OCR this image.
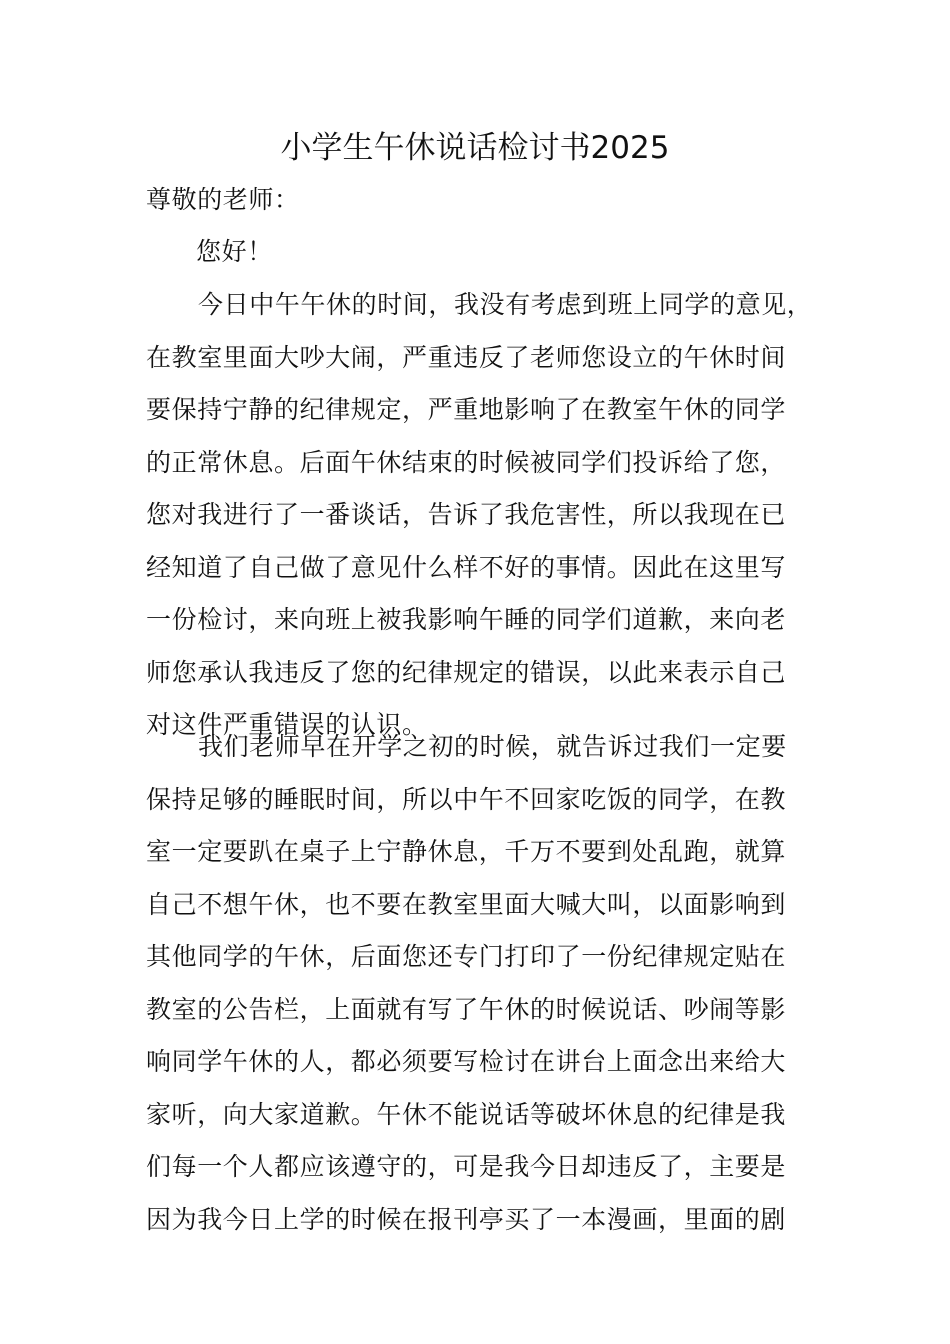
小学生午休说话检讨书2025
尊敬的老师：
您好！
今日中午午休的时间，我没有考虑到班上同学的意见，
在教室里面大吵大闹，严重违反了老师您设立的午休时间
要保持宁静的纪律规定，严重地影响了在教室午休的同学
的正常休息。后面午休结束的时候被同学们投诉给了您，
您对我进行了一番谈话，告诉了我危害性，所以我现在已
经知道了自己做了意见什么样不好的事情。因此在这里写
一份检讨，来向班上被我影响午睡的同学们道歉，来向老
师您承认我违反了您的纪律规定的错误，以此来表示自己
对这件严重错误的认识。
我们老师早在开学之初的时候，就告诉过我们一定要
保持足够的睡眠时间，所以中午不回家吃饭的同学，在教
室一定要趴在桌子上宁静休息，千万不要到处乱跑，就算
自己不想午休，也不要在教室里面大喊大叫，以面影响到
其他同学的午休，后面您还专门打印了一份纪律规定贴在
教室的公告栏，上面就有写了午休的时候说话、吵闹等影
响同学午休的人，都必须要写检讨在讲台上面念出来给大
家听，向大家道歉。午休不能说话等破坏休息的纪律是我
们每一个人都应该遵守的，可是我今日却违反了，主要是
因为我今日上学的时候在报刊亭买了一本漫画，里面的剧
